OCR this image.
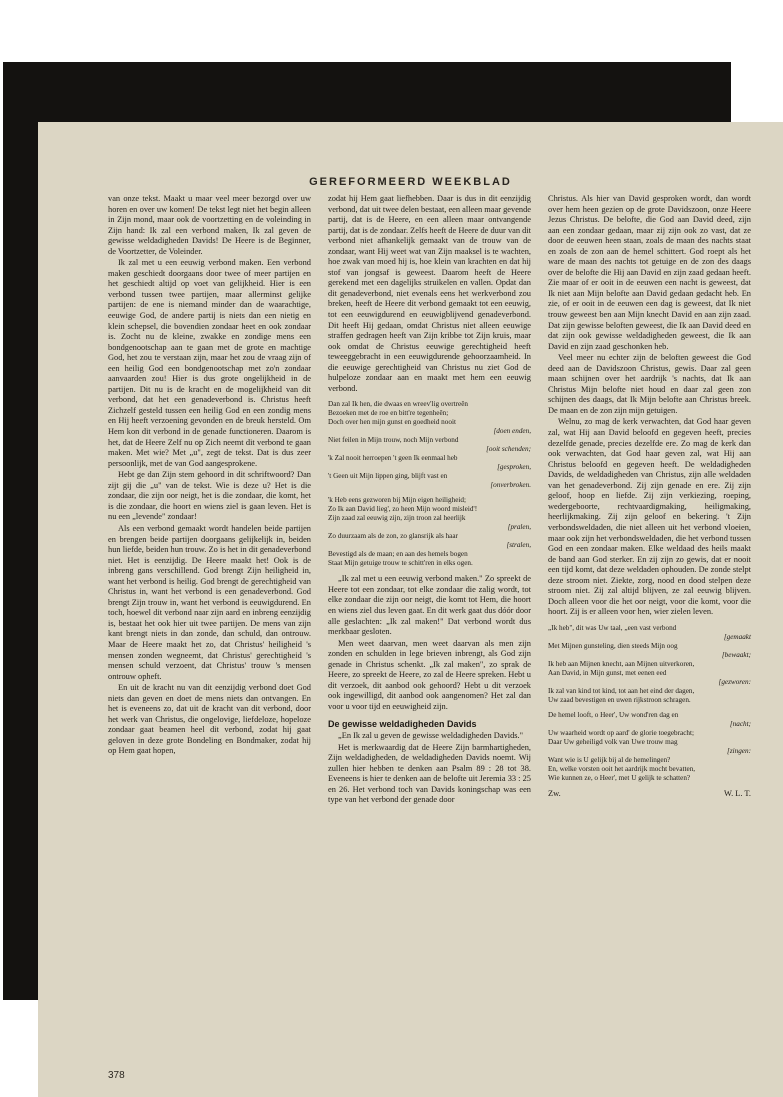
GEREFORMEERD WEEKBLAD

van onze tekst. Maakt u maar veel meer bezorgd over uw horen en over uw komen! De tekst legt niet het begin alleen in Zijn mond, maar ook de voortzetting en de voleinding in Zijn hand: Ik zal een verbond maken, Ik zal geven de gewisse weldadigheden Davids! De Heere is de Beginner, de Voortzetter, de Voleinder.

Ik zal met u een eeuwig verbond maken. Een verbond maken geschiedt doorgaans door twee of meer partijen en het geschiedt altijd op voet van gelijkheid. Hier is een verbond tussen twee partijen, maar allerminst gelijke partijen: de ene is niemand minder dan de waarachtige, eeuwige God, de andere partij is niets dan een nietig en klein schepsel, die bovendien zondaar heet en ook zondaar is. Zocht nu de kleine, zwakke en zondige mens een bondgenootschap aan te gaan met de grote en machtige God, het zou te verstaan zijn, maar het zou de vraag zijn of een heilig God een bondgenootschap met zo'n zondaar aanvaarden zou! Hier is dus grote ongelijkheid in de partijen. Dit nu is de kracht en de mogelijkheid van dit verbond, dat het een genadeverbond is. Christus heeft Zichzelf gesteld tussen een heilig God en een zondig mens en Hij heeft verzoening gevonden en de breuk hersteld. Om Hem kon dit verbond in de genade functioneren. Daarom is het, dat de Heere Zelf nu op Zich neemt dit verbond te gaan maken. Met wie? Met „u", zegt de tekst. Dat is dus zeer persoonlijk, met de van God aangesprokene.

Hebt ge dan Zijn stem gehoord in dit schriftwoord? Dan zijt gij die „u" van de tekst. Wie is deze u? Het is die zondaar, die zijn oor neigt, het is die zondaar, die komt, het is die zondaar, die hoort en wiens ziel is gaan leven. Het is nu een „levende" zondaar!

Als een verbond gemaakt wordt handelen beide partijen en brengen beide partijen doorgaans gelijkelijk in, beiden hun liefde, beiden hun trouw. Zo is het in dit genadeverbond niet. Het is eenzijdig. De Heere maakt het! Ook is de inbreng gans verschillend. God brengt Zijn heiligheid in, want het verbond is heilig. God brengt de gerechtigheid van Christus in, want het verbond is een genadeverbond. God brengt Zijn trouw in, want het verbond is eeuwigdurend. En toch, hoewel dit verbond naar zijn aard en inbreng eenzijdig is, bestaat het ook hier uit twee partijen. De mens van zijn kant brengt niets in dan zonde, dan schuld, dan ontrouw. Maar de Heere maakt het zo, dat Christus' heiligheid 's mensen zonden wegneemt, dat Christus' gerechtigheid 's mensen schuld verzoent, dat Christus' trouw 's mensen ontrouw opheft.

En uit de kracht nu van dit eenzijdig verbond doet God niets dan geven en doet de mens niets dan ontvangen. En het is eveneens zo, dat uit de kracht van dit verbond, door het werk van Christus, die ongelovige, liefdeloze, hopeloze zondaar gaat beamen heel dit verbond, zodat hij gaat geloven in deze grote Bondeling en Bondmaker, zodat hij op Hem gaat hopen,

zodat hij Hem gaat liefhebben. Daar is dus in dit eenzijdig verbond, dat uit twee delen bestaat, een alleen maar gevende partij, dat is de Heere, en een alleen maar ontvangende partij, dat is de zondaar. Zelfs heeft de Heere de duur van dit verbond niet afhankelijk gemaakt van de trouw van de zondaar, want Hij weet wat van Zijn maaksel is te wachten, hoe zwak van moed hij is, hoe klein van krachten en dat hij stof van jongsaf is geweest. Daarom heeft de Heere gerekend met een dagelijks struikelen en vallen. Opdat dan dit genadeverbond, niet evenals eens het werkverbond zou breken, heeft de Heere dit verbond gemaakt tot een eeuwig, tot een eeuwigdurend en eeuwigblijvend genadeverbond. Dit heeft Hij gedaan, omdat Christus niet alleen eeuwige straffen gedragen heeft van Zijn kribbe tot Zijn kruis, maar ook omdat de Christus eeuwige gerechtigheid heeft teweeggebracht in een eeuwigdurende gehoorzaamheid. In die eeuwige gerechtigheid van Christus nu ziet God de hulpeloze zondaar aan en maakt met hem een eeuwig verbond.

Dan zal Ik hen, die dwaas en wreev'lig overtreên
Bezoeken met de roe en bitt're tegenheên;
Doch over hen mijn gunst en goedheid nooit
[doen enden,
Niet feilen in Mijn trouw, noch Mijn verbond
[ooit schenden;
'k Zal nooit herroepen 't geen Ik eenmaal heb
[gesproken,
't Geen uit Mijn lippen ging, blijft vast en
[onverbroken.
'k Heb eens gezworen bij Mijn eigen heiligheid;
Zo Ik aan David lieg', zo heen Mijn woord misleid'!
Zijn zaad zal eeuwig zijn, zijn troon zal heerlijk
[pralen,
Zo duurzaam als de zon, zo glansrijk als haar
[stralen,
Bevestigd als de maan; en aan des hemels bogen
Staat Mijn getuige trouw te schitt'ren in elks ogen.

„Ik zal met u een eeuwig verbond maken." Zo spreekt de Heere tot een zondaar, tot elke zondaar die zalig wordt, tot elke zondaar die zijn oor neigt, die komt tot Hem, die hoort en wiens ziel dus leven gaat. En dit werk gaat dus dóór door alle geslachten: „Ik zal maken!" Dat verbond wordt dus merkbaar gesloten.

Men weet daarvan, men weet daarvan als men zijn zonden en schulden in lege brieven inbrengt, als God zijn genade in Christus schenkt. „Ik zal maken", zo sprak de Heere, zo spreekt de Heere, zo zal de Heere spreken. Hebt u dit verzoek, dit aanbod ook gehoord? Hebt u dit verzoek ook ingewilligd, dit aanbod ook aangenomen? Het zal dan voor u voor tijd en eeuwigheid zijn.

De gewisse weldadigheden Davids

„En Ik zal u geven de gewisse weldadigheden Davids."

Het is merkwaardig dat de Heere Zijn barmhartigheden, Zijn weldadigheden, de weldadigheden Davids noemt. Wij zullen hier hebben te denken aan Psalm 89 : 28 tot 38. Eveneens is hier te denken aan de belofte uit Jeremia 33 : 25 en 26. Het verbond toch van Davids koningschap was een type van het verbond der genade door

Christus. Als hier van David gesproken wordt, dan wordt over hem heen gezien op de grote Davidszoon, onze Heere Jezus Christus. De belofte, die God aan David deed, zijn aan een zondaar gedaan, maar zij zijn ook zo vast, dat ze door de eeuwen heen staan, zoals de maan des nachts staat en zoals de zon aan de hemel schittert. God roept als het ware de maan des nachts tot getuige en de zon des daags over de belofte die Hij aan David en zijn zaad gedaan heeft. Zie maar of er ooit in de eeuwen een nacht is geweest, dat Ik niet aan Mijn belofte aan David gedaan gedacht heb. En zie, of er ooit in de eeuwen een dag is geweest, dat Ik niet trouw geweest ben aan Mijn knecht David en aan zijn zaad. Dat zijn gewisse beloften geweest, die Ik aan David deed en dat zijn ook gewisse weldadigheden geweest, die Ik aan David en zijn zaad geschonken heb.

Veel meer nu echter zijn de beloften geweest die God deed aan de Davidszoon Christus, gewis. Daar zal geen maan schijnen over het aardrijk 's nachts, dat Ik aan Christus Mijn belofte niet houd en daar zal geen zon schijnen des daags, dat Ik Mijn belofte aan Christus breek. De maan en de zon zijn mijn getuigen.

Welnu, zo mag de kerk verwachten, dat God haar geven zal, wat Hij aan David beloofd en gegeven heeft, precies dezelfde genade, precies dezelfde ere. Zo mag de kerk dan ook verwachten, dat God haar geven zal, wat Hij aan Christus beloofd en gegeven heeft. De weldadigheden Davids, de weldadigheden van Christus, zijn alle weldaden van het genadeverbond. Zij zijn genade en ere. Zij zijn geloof, hoop en liefde. Zij zijn verkiezing, roeping, wedergeboorte, rechtvaardigmaking, heiligmaking, heerlijkmaking. Zij zijn geloof en bekering. 't Zijn verbondsweldaden, die niet alleen uit het verbond vloeien, maar ook zijn het verbondsweldaden, die het verbond tussen God en een zondaar maken. Elke weldaad des heils maakt de band aan God sterker. En zij zijn zo gewis, dat er nooit een tijd komt, dat deze weldaden ophouden. De zonde stelpt deze stroom niet. Ziekte, zorg, nood en dood stelpen deze stroom niet. Zij zal altijd blijven, ze zal eeuwig blijven. Doch alleen voor die het oor neigt, voor die komt, voor die hoort. Zij is er alleen voor hen, wier zielen leven.

„Ik heb", dit was Uw taal, „een vast verbond
[gemaakt
Met Mijnen gunsteling, dien steeds Mijn oog
[bewaakt;
Ik heb aan Mijnen knecht, aan Mijnen uitverkoren,
Aan David, in Mijn gunst, met eenen eed
[gezworen:
Ik zal van kind tot kind, tot aan het eind der dagen,
Uw zaad bevestigen en uwen rijkstroon schragen.
De hemel looft, o Heer', Uw wond'ren dag en
[nacht;
Uw waarheid wordt op aard' de glorie toegebracht;
Daar Uw geheiligd volk van Uwe trouw mag
[zingen:
Want wie is U gelijk bij al de hemelingen?
En, welke vorsten ooit het aardrijk mocht bevatten,
Wie kunnen ze, o Heer', met U gelijk te schatten?
Zw.	W. L. T.
378
